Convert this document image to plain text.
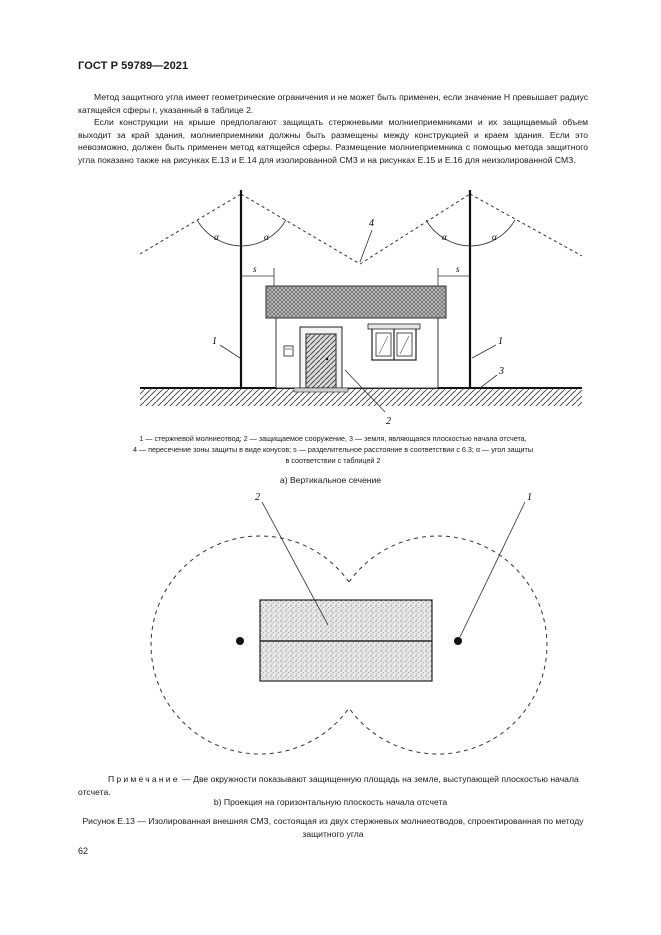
ГОСТ Р 59789—2021

Метод защитного угла имеет геометрические ограничения и не может быть применен, если значение H превышает радиус катящейся сферы r, указанный в таблице 2.

Если конструкции на крыше предполагают защищать стержневыми молниеприемниками и их защищаемый объем выходит за край здания, молниеприемники должны быть размещены между конструкцией и краем здания. Если это невозможно, должен быть применен метод катящейся сферы. Размещение молниеприемника с помощью метода защитного угла показано также на рисунках Е.13 и Е.14 для изолированной СМЗ и на рисунках Е.15 и Е.16 для неизолированной СМЗ.

α	α	α	α
s	s
1	1
4
3
2
1 — стержневой молниеотвод; 2 — защищаемое сооружение, 3 — земля, являющаяся плоскостью начала отсчета,
4 — пересечение зоны защиты в виде конусов; s — разделительное расстояние в соответствии с 6.3; α — угол защиты
в соответствии с таблицей 2
а) Вертикальное сечение
2	1

Примечание — Две окружности показывают защищенную площадь на земле, выступающей плоскостью начала отсчета.

b) Проекция на горизонтальную плоскость начала отсчета
Рисунок Е.13 — Изолированная внешняя СМЗ, состоящая из двух стержневых молниеотводов, спроектированная по методу защитного угла
62
